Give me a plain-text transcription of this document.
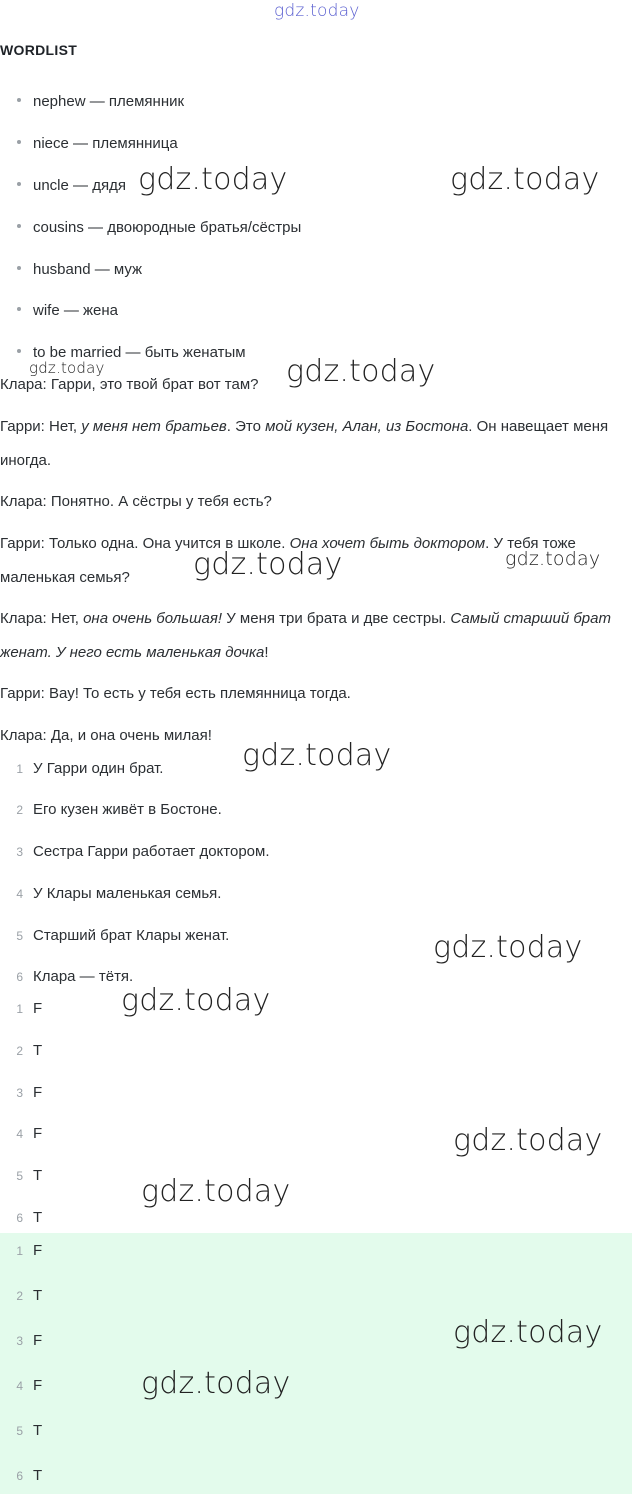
gdz.today
WORDLIST
nephew — племянник
niece — племянница
uncle — дядя
cousins — двоюродные братья/сёстры
husband — муж
wife — жена
to be married — быть женатым
Клара: Гарри, это твой брат вот там?
Гарри: Нет, у меня нет братьев. Это мой кузен, Алан, из Бостона. Он навещает меня иногда.
Клара: Понятно. А сёстры у тебя есть?
Гарри: Только одна. Она учится в школе. Она хочет быть доктором. У тебя тоже маленькая семья?
Клара: Нет, она очень большая! У меня три брата и две сестры. Самый старший брат женат. У него есть маленькая дочка!
Гарри: Вау! То есть у тебя есть племянница тогда.
Клара: Да, и она очень милая!
1 У Гарри один брат.
2 Его кузен живёт в Бостоне.
3 Сестра Гарри работает доктором.
4 У Клары маленькая семья.
5 Старший брат Клары женат.
6 Клара — тётя.
1 F
2 T
3 F
4 F
5 T
6 T
1 F
2 T
3 F
4 F
5 T
6 T
gdz.today	gdz.today
gdz.today	gdz.today
gdz.today	gdz.today
gdz.today
gdz.today
gdz.today
gdz.today
gdz.today
gdz.today
gdz.today
